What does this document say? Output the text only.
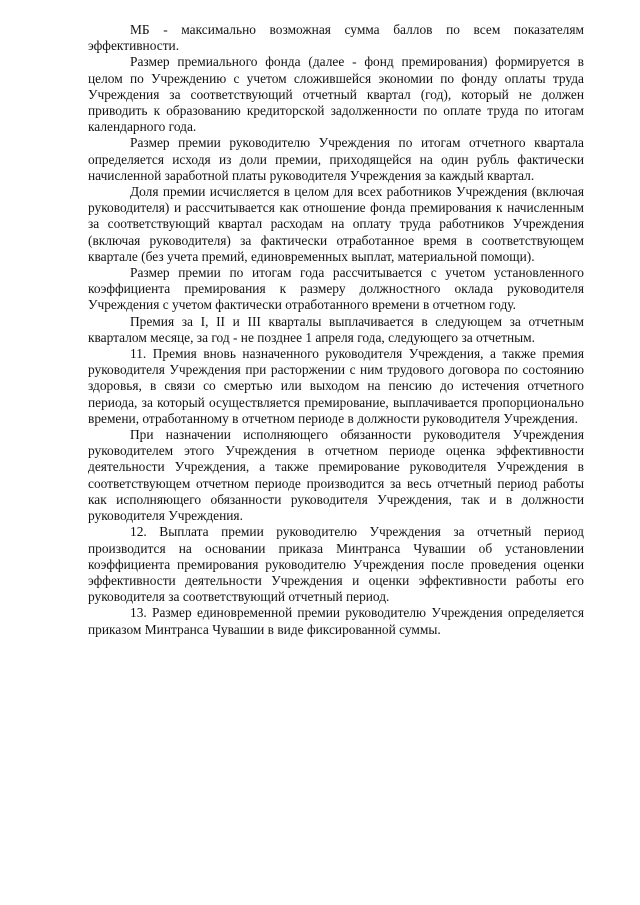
МБ - максимально возможная сумма баллов по всем показателям эффективности.

Размер премиального фонда (далее - фонд премирования) формируется в целом по Учреждению с учетом сложившейся экономии по фонду оплаты труда Учреждения за соответствующий отчетный квартал (год), который не должен приводить к образованию кредиторской задолженности по оплате труда по итогам календарного года.

Размер премии руководителю Учреждения по итогам отчетного квартала определяется исходя из доли премии, приходящейся на один рубль фактически начисленной заработной платы руководителя Учреждения за каждый квартал.

Доля премии исчисляется в целом для всех работников Учреждения (включая руководителя) и рассчитывается как отношение фонда премирования к начисленным за соответствующий квартал расходам на оплату труда работников Учреждения (включая руководителя) за фактически отработанное время в соответствующем квартале (без учета премий, единовременных выплат, материальной помощи).

Размер премии по итогам года рассчитывается с учетом установленного коэффициента премирования к размеру должностного оклада руководителя Учреждения с учетом фактически отработанного времени в отчетном году.

Премия за I, II и III кварталы выплачивается в следующем за отчетным кварталом месяце, за год - не позднее 1 апреля года, следующего за отчетным.

11. Премия вновь назначенного руководителя Учреждения, а также премия руководителя Учреждения при расторжении с ним трудового договора по состоянию здоровья, в связи со смертью или выходом на пенсию до истечения отчетного периода, за который осуществляется премирование, выплачивается пропорционально времени, отработанному в отчетном периоде в должности руководителя Учреждения.

При назначении исполняющего обязанности руководителя Учреждения руководителем этого Учреждения в отчетном периоде оценка эффективности деятельности Учреждения, а также премирование руководителя Учреждения в соответствующем отчетном периоде производится за весь отчетный период работы как исполняющего обязанности руководителя Учреждения, так и в должности руководителя Учреждения.

12. Выплата премии руководителю Учреждения за отчетный период производится на основании приказа Минтранса Чувашии об установлении коэффициента премирования руководителю Учреждения после проведения оценки эффективности деятельности Учреждения и оценки эффективности работы его руководителя за соответствующий отчетный период.

13. Размер единовременной премии руководителю Учреждения определяется приказом Минтранса Чувашии в виде фиксированной суммы.
